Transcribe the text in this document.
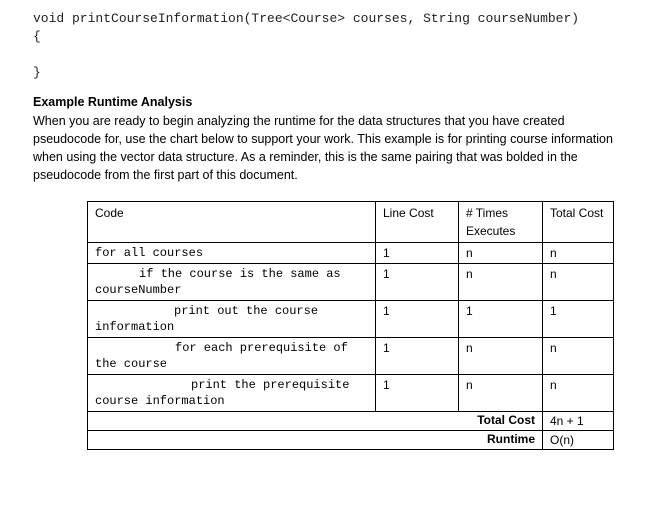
void printCourseInformation(Tree<Course> courses, String courseNumber)
{

}
Example Runtime Analysis
When you are ready to begin analyzing the runtime for the data structures that you have created pseudocode for, use the chart below to support your work. This example is for printing course information when using the vector data structure. As a reminder, this is the same pairing that was bolded in the pseudocode from the first part of this document.
Code	Line Cost	# Times Executes	Total Cost
for all courses	1	n	n
if the course is the same as courseNumber	1	n	n
print out the course information	1	1	1
for each prerequisite of the course	1	n	n
print the prerequisite course information	1	n	n
Total Cost			4n + 1
Runtime			O(n)
